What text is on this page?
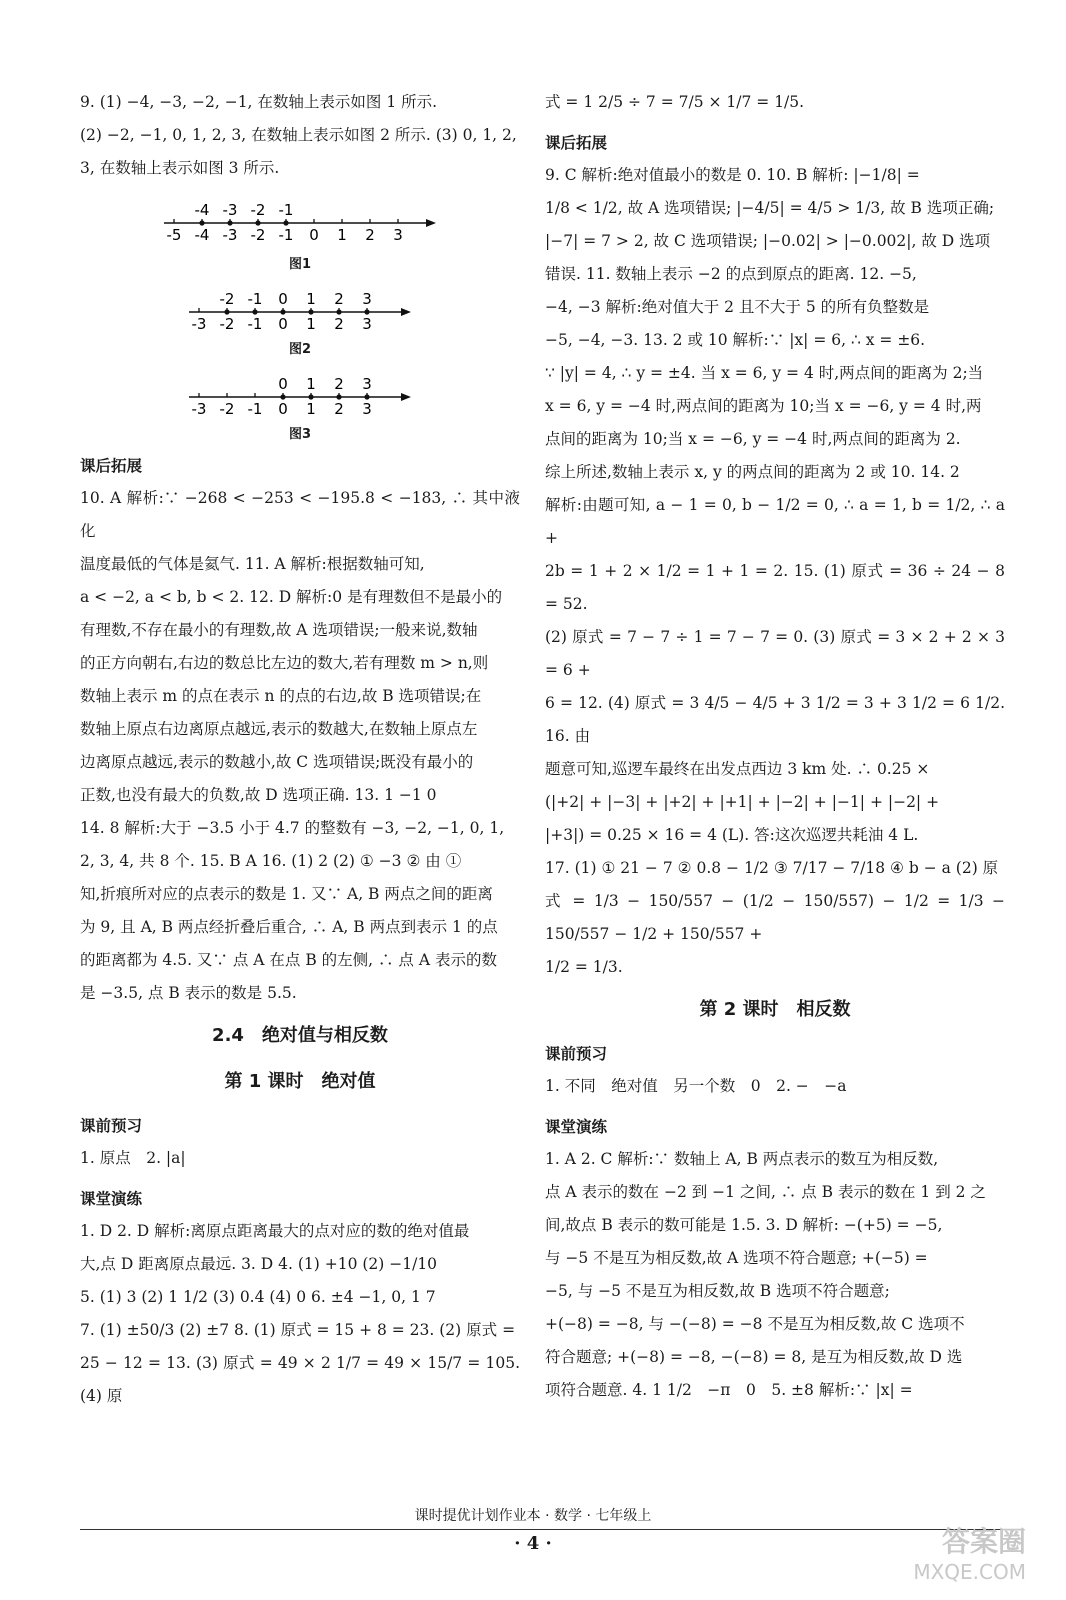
9. (1) −4, −3, −2, −1, 在数轴上表示如图 1 所示.

(2) −2, −1, 0, 1, 2, 3, 在数轴上表示如图 2 所示. (3) 0, 1, 2,

3, 在数轴上表示如图 3 所示.

-5 -4 -3 -2 -1 0 1 2 3
-4 -3 -2 -1
图1
-3 -2 -1 0 1 2 3
-2 -1 0 1 2 3
图2
-3 -2 -1 0 1 2 3
0 1 2 3
图3
课后拓展

10. A 解析:∵ −268 < −253 < −195.8 < −183, ∴ 其中液化

温度最低的气体是氦气. 11. A 解析:根据数轴可知,

a < −2, a < b, b < 2. 12. D 解析:0 是有理数但不是最小的

有理数,不存在最小的有理数,故 A 选项错误;一般来说,数轴

的正方向朝右,右边的数总比左边的数大,若有理数 m > n,则

数轴上表示 m 的点在表示 n 的点的右边,故 B 选项错误;在

数轴上原点右边离原点越远,表示的数越大,在数轴上原点左

边离原点越远,表示的数越小,故 C 选项错误;既没有最小的

正数,也没有最大的负数,故 D 选项正确. 13. 1 −1 0

14. 8 解析:大于 −3.5 小于 4.7 的整数有 −3, −2, −1, 0, 1,

2, 3, 4, 共 8 个. 15. B A 16. (1) 2 (2) ① −3 ② 由 ①

知,折痕所对应的点表示的数是 1. 又∵ A, B 两点之间的距离

为 9, 且 A, B 两点经折叠后重合, ∴ A, B 两点到表示 1 的点

的距离都为 4.5. 又∵ 点 A 在点 B 的左侧, ∴ 点 A 表示的数

是 −3.5, 点 B 表示的数是 5.5.

2.4　绝对值与相反数
第 1 课时　绝对值
课前预习

1. 原点　2. |a|

课堂演练

1. D 2. D 解析:离原点距离最大的点对应的数的绝对值最

大,点 D 距离原点最远. 3. D 4. (1) +10 (2) −1/10

5. (1) 3 (2) 1 1/2 (3) 0.4 (4) 0 6. ±4 −1, 0, 1 7

7. (1) ±50/3 (2) ±7 8. (1) 原式 = 15 + 8 = 23. (2) 原式 =

25 − 12 = 13. (3) 原式 = 49 × 2 1/7 = 49 × 15/7 = 105. (4) 原

式 = 1 2/5 ÷ 7 = 7/5 × 1/7 = 1/5.

课后拓展

9. C 解析:绝对值最小的数是 0. 10. B 解析: |−1/8| =

1/8 < 1/2, 故 A 选项错误; |−4/5| = 4/5 > 1/3, 故 B 选项正确;

|−7| = 7 > 2, 故 C 选项错误; |−0.02| > |−0.002|, 故 D 选项

错误. 11. 数轴上表示 −2 的点到原点的距离. 12. −5,

−4, −3 解析:绝对值大于 2 且不大于 5 的所有负整数是

−5, −4, −3. 13. 2 或 10 解析:∵ |x| = 6, ∴ x = ±6.

∵ |y| = 4, ∴ y = ±4. 当 x = 6, y = 4 时,两点间的距离为 2;当

x = 6, y = −4 时,两点间的距离为 10;当 x = −6, y = 4 时,两

点间的距离为 10;当 x = −6, y = −4 时,两点间的距离为 2.

综上所述,数轴上表示 x, y 的两点间的距离为 2 或 10. 14. 2

解析:由题可知, a − 1 = 0, b − 1/2 = 0, ∴ a = 1, b = 1/2, ∴ a +

2b = 1 + 2 × 1/2 = 1 + 1 = 2. 15. (1) 原式 = 36 ÷ 24 − 8 = 52.

(2) 原式 = 7 − 7 ÷ 1 = 7 − 7 = 0. (3) 原式 = 3 × 2 + 2 × 3 = 6 +

6 = 12. (4) 原式 = 3 4/5 − 4/5 + 3 1/2 = 3 + 3 1/2 = 6 1/2. 16. 由

题意可知,巡逻车最终在出发点西边 3 km 处. ∴ 0.25 ×

(|+2| + |−3| + |+2| + |+1| + |−2| + |−1| + |−2| +

|+3|) = 0.25 × 16 = 4 (L). 答:这次巡逻共耗油 4 L.

17. (1) ① 21 − 7 ② 0.8 − 1/2 ③ 7/17 − 7/18 ④ b − a (2) 原

式 = 1/3 − 150/557 − (1/2 − 150/557) − 1/2 = 1/3 − 150/557 − 1/2 + 150/557 +

1/2 = 1/3.

第 2 课时　相反数
课前预习

1. 不同　绝对值　另一个数　0　2. −　−a

课堂演练

1. A 2. C 解析:∵ 数轴上 A, B 两点表示的数互为相反数,

点 A 表示的数在 −2 到 −1 之间, ∴ 点 B 表示的数在 1 到 2 之

间,故点 B 表示的数可能是 1.5. 3. D 解析: −(+5) = −5,

与 −5 不是互为相反数,故 A 选项不符合题意; +(−5) =

−5, 与 −5 不是互为相反数,故 B 选项不符合题意;

+(−8) = −8, 与 −(−8) = −8 不是互为相反数,故 C 选项不

符合题意; +(−8) = −8, −(−8) = 8, 是互为相反数,故 D 选

项符合题意. 4. 1 1/2　−π　0　5. ±8 解析:∵ |x| =

课时提优计划作业本 · 数学 · 七年级上
· 4 ·	答案圈
MXQE.COM
